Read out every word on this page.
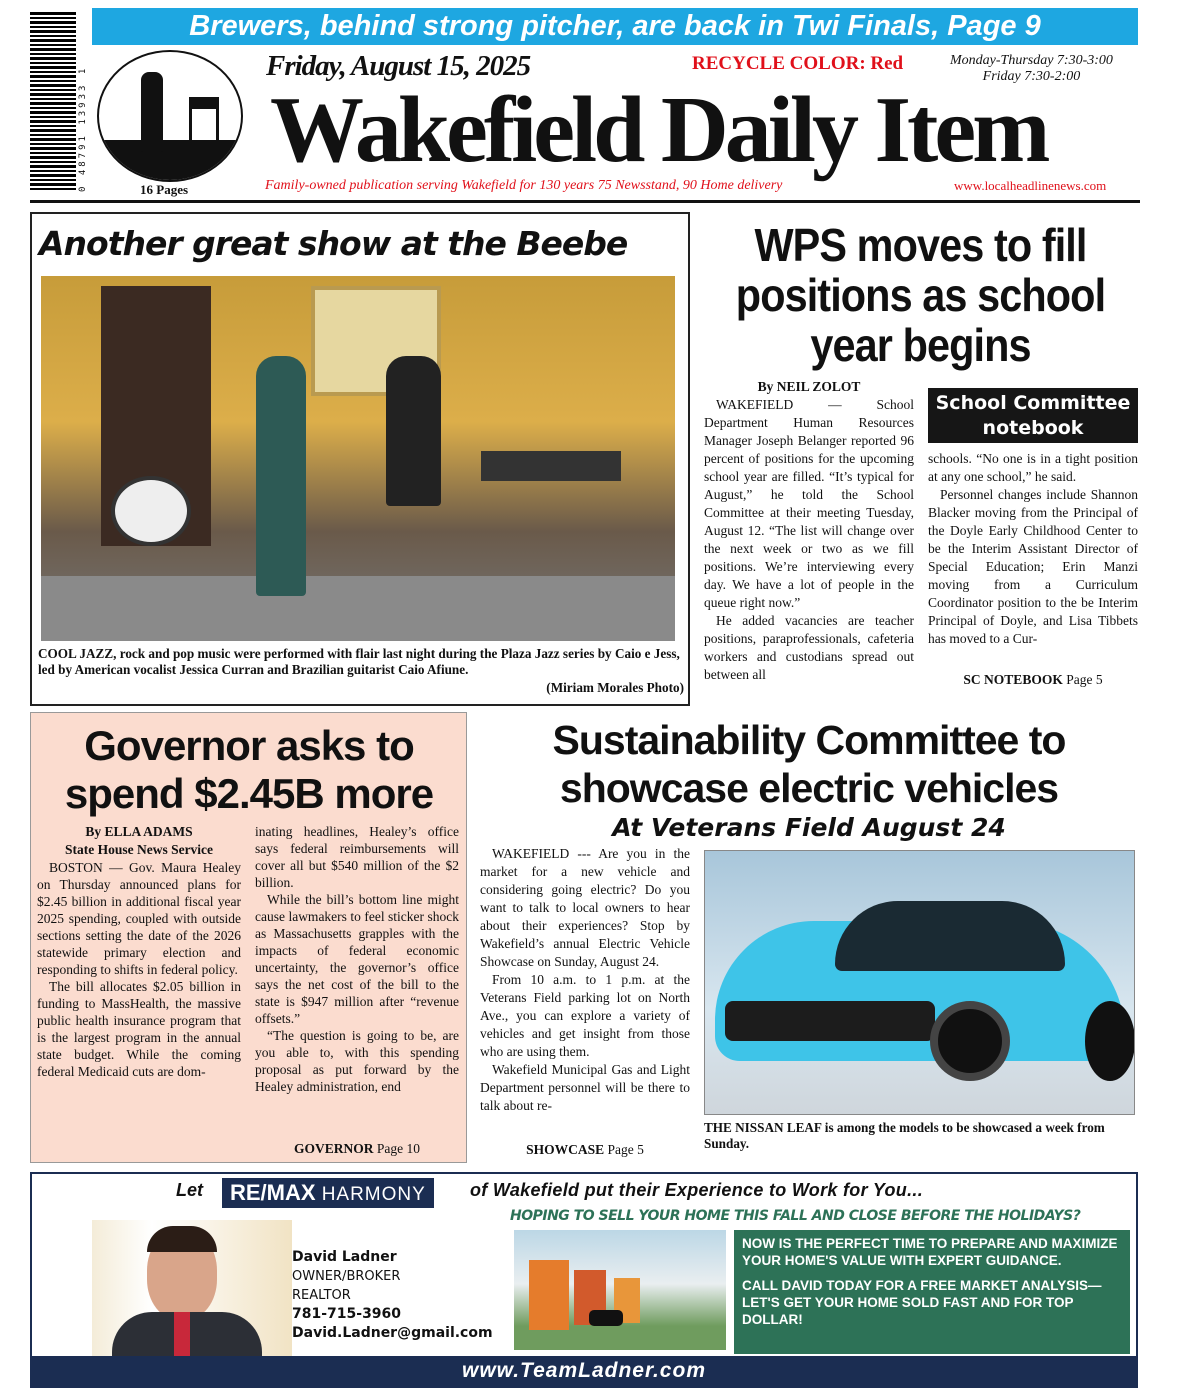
Brewers, behind strong pitcher, are back in Twi Finals, Page 9
0 48791 13933 1	16 Pages
Friday, August 15, 2025	RECYCLE COLOR: Red	Monday-Thursday 7:30-3:00
Friday 7:30-2:00
Wakefield Daily Item
Family-owned publication serving Wakefield for 130 years 75 Newsstand, 90 Home delivery	www.localheadlinenews.com
Another great show at the Beebe
COOL JAZZ, rock and pop music were performed with flair last night during the Plaza Jazz series by Caio e Jess, led by American vocalist Jessica Curran and Brazilian guitarist Caio Afiune.
(Miriam Morales Photo)
WPS moves to fill positions as school year begins
By NEIL ZOLOT

WAKEFIELD — School Department Human Resources Manager Joseph Belanger reported 96 percent of positions for the upcoming school year are filled. “It’s typical for August,” he told the School Committee at their meeting Tuesday, August 12. “The list will change over the next week or two as we fill positions. We’re interviewing every day. We have a lot of people in the queue right now.”

He added vacancies are teacher positions, paraprofessionals, cafeteria workers and custodians spread out between all

School Committee notebook

schools. “No one is in a tight position at any one school,” he said.

Personnel changes include Shannon Blacker moving from the Principal of the Doyle Early Childhood Center to be the Interim Assistant Director of Special Education; Erin Manzi moving from a Curriculum Coordinator position to the be Interim Principal of Doyle, and Lisa Tibbets has moved to a Cur-

SC NOTEBOOK Page 5
Governor asks to spend $2.45B more
By ELLA ADAMS
State House News Service

BOSTON — Gov. Maura Healey on Thursday announced plans for $2.45 billion in additional fiscal year 2025 spending, coupled with outside sections setting the date of the 2026 statewide primary election and responding to shifts in federal policy.

The bill allocates $2.05 billion in funding to MassHealth, the massive public health insurance program that is the largest program in the annual state budget. While the coming federal Medicaid cuts are dom-

inating headlines, Healey’s office says federal reimbursements will cover all but $540 million of the $2 billion.

While the bill’s bottom line might cause lawmakers to feel sticker shock as Massachusetts grapples with the impacts of federal economic uncertainty, the governor’s office says the net cost of the bill to the state is $947 million after “revenue offsets.”

“The question is going to be, are you able to, with this spending proposal as put forward by the Healey administration, end

GOVERNOR Page 10
Sustainability Committee to showcase electric vehicles
At Veterans Field August 24

WAKEFIELD --- Are you in the market for a new vehicle and considering going electric? Do you want to talk to local owners to hear about their experiences? Stop by Wakefield’s annual Electric Vehicle Showcase on Sunday, August 24.

From 10 a.m. to 1 p.m. at the Veterans Field parking lot on North Ave., you can explore a variety of vehicles and get insight from those who are using them.

Wakefield Municipal Gas and Light Department personnel will be there to talk about re-

SHOWCASE Page 5
THE NISSAN LEAF is among the models to be showcased a week from Sunday.
Let	RE/MAX HARMONY	of Wakefield put their Experience to Work for You...
David Ladner
OWNER/BROKER
REALTOR
781-715-3960
David.Ladner@gmail.com
HOPING TO SELL YOUR HOME THIS FALL AND CLOSE BEFORE THE HOLIDAYS?
NOW IS THE PERFECT TIME TO PREPARE AND MAXIMIZE YOUR HOME'S VALUE WITH EXPERT GUIDANCE.
CALL DAVID TODAY FOR A FREE MARKET ANALYSIS— LET'S GET YOUR HOME SOLD FAST AND FOR TOP DOLLAR!
www.TeamLadner.com
